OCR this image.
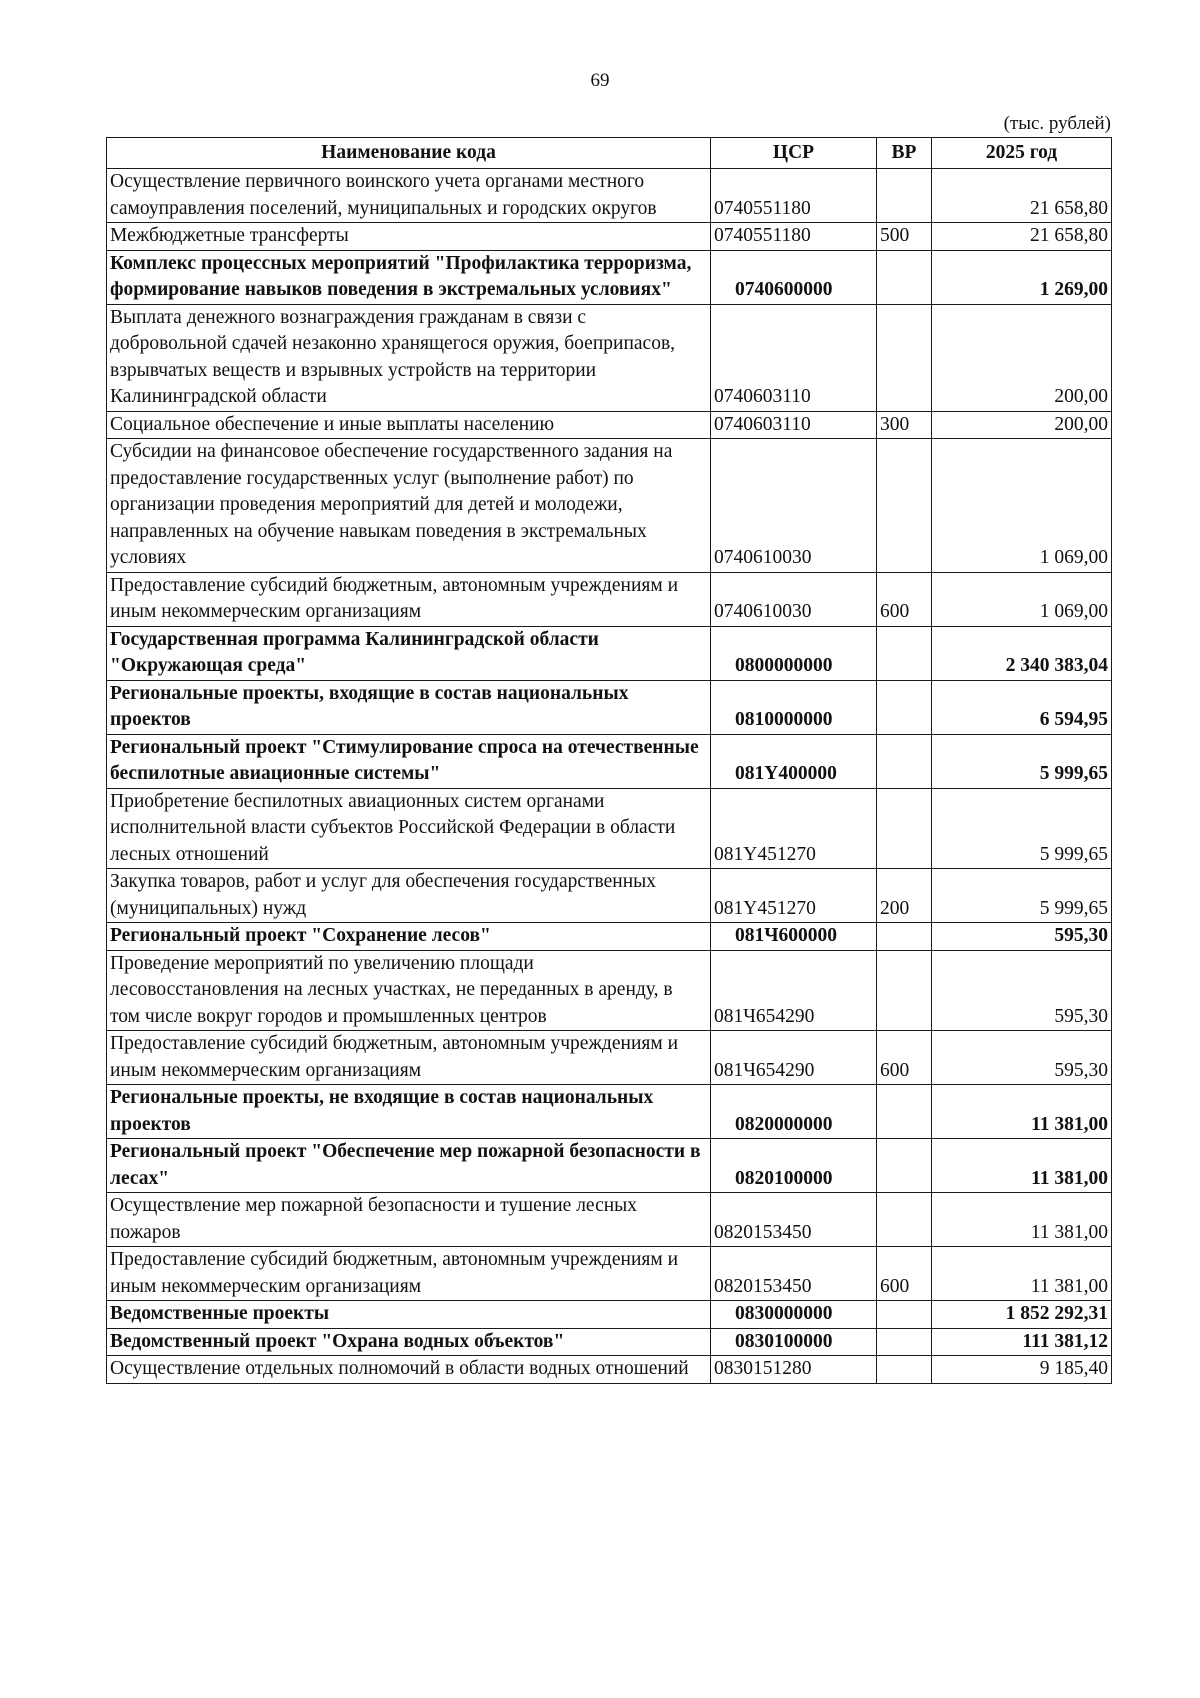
69
(тыс. рублей)
Наименование кода	ЦСР	ВР	2025 год
Осуществление первичного воинского учета органами местного самоуправления поселений, муниципальных и городских округов	0740551180		21 658,80
Межбюджетные трансферты	0740551180	500	21 658,80
Комплекс процессных мероприятий "Профилактика терроризма, формирование навыков поведения в экстремальных условиях"	0740600000		1 269,00
Выплата денежного вознаграждения гражданам в связи с добровольной сдачей незаконно хранящегося оружия, боеприпасов, взрывчатых веществ и взрывных устройств на территории Калининградской области	0740603110		200,00
Социальное обеспечение и иные выплаты населению	0740603110	300	200,00
Субсидии на финансовое обеспечение государственного задания на предоставление государственных услуг (выполнение работ) по организации проведения мероприятий для детей и молодежи, направленных на обучение навыкам поведения в экстремальных условиях	0740610030		1 069,00
Предоставление субсидий бюджетным, автономным учреждениям и иным некоммерческим организациям	0740610030	600	1 069,00
Государственная программа Калининградской области "Окружающая среда"	0800000000		2 340 383,04
Региональные проекты, входящие в состав национальных проектов	0810000000		6 594,95
Региональный проект "Стимулирование спроса на отечественные беспилотные авиационные системы"	081Y400000		5 999,65
Приобретение беспилотных авиационных систем органами исполнительной власти субъектов Российской Федерации в области лесных отношений	081Y451270		5 999,65
Закупка товаров, работ и услуг для обеспечения государственных (муниципальных) нужд	081Y451270	200	5 999,65
Региональный проект "Сохранение лесов"	081Ч600000		595,30
Проведение мероприятий по увеличению площади лесовосстановления на лесных участках, не переданных в аренду, в том числе вокруг городов и промышленных центров	081Ч654290		595,30
Предоставление субсидий бюджетным, автономным учреждениям и иным некоммерческим организациям	081Ч654290	600	595,30
Региональные проекты, не входящие в состав национальных проектов	0820000000		11 381,00
Региональный проект "Обеспечение мер пожарной безопасности в лесах"	0820100000		11 381,00
Осуществление мер пожарной безопасности и тушение лесных пожаров	0820153450		11 381,00
Предоставление субсидий бюджетным, автономным учреждениям и иным некоммерческим организациям	0820153450	600	11 381,00
Ведомственные проекты	0830000000		1 852 292,31
Ведомственный проект "Охрана водных объектов"	0830100000		111 381,12
Осуществление отдельных полномочий в области водных отношений	0830151280		9 185,40
